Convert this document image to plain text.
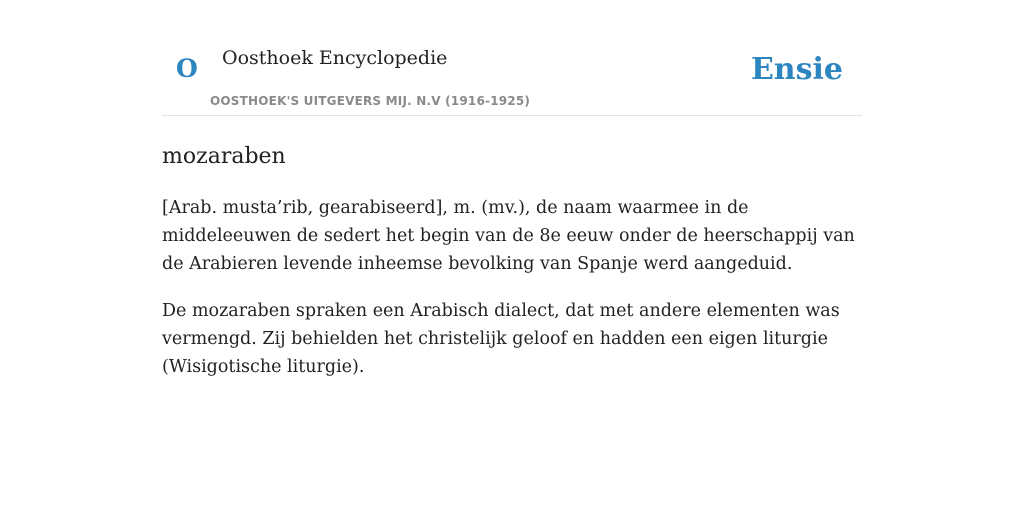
O Oosthoek Encyclopedie
OOSTHOEK'S UITGEVERS MIJ. N.V (1916-1925)
Ensie
mozaraben

[Arab. musta’rib, gearabiseerd], m. (mv.), de naam waarmee in de middeleeuwen de sedert het begin van de 8e eeuw onder de heerschappij van de Arabieren levende inheemse bevolking van Spanje werd aangeduid.

De mozaraben spraken een Arabisch dialect, dat met andere elementen was vermengd. Zij behielden het christelijk geloof en hadden een eigen liturgie (Wisigotische liturgie).
